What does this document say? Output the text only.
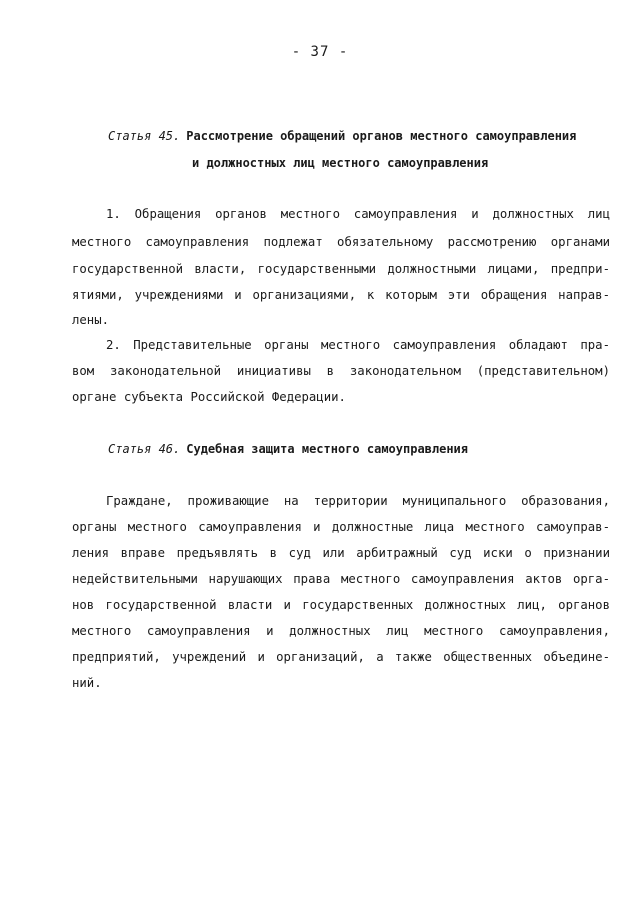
- 37 -
Статья 45. Рассмотрение обращений органов местного самоуправления
и должностных лиц местного самоуправления
1. Обращения органов местного самоуправления и должностных лиц
местного самоуправления подлежат обязательному рассмотрению органами
государственной власти, государственными должностными лицами, предпри-
ятиями, учреждениями и организациями, к которым эти обращения направ-
лены.
2. Представительные органы местного самоуправления обладают пра-
вом законодательной инициативы в законодательном (представительном)
органе субъекта Российской Федерации.
Статья 46. Судебная защита местного самоуправления
Граждане, проживающие на территории муниципального образования,
органы местного самоуправления и должностные лица местного самоуправ-
ления вправе предъявлять в суд или арбитражный суд иски о признании
недействительными нарушающих права местного самоуправления актов орга-
нов государственной власти и государственных должностных лиц, органов
местного самоуправления и должностных лиц местного самоуправления,
предприятий, учреждений и организаций, а также общественных объедине-
ний.
